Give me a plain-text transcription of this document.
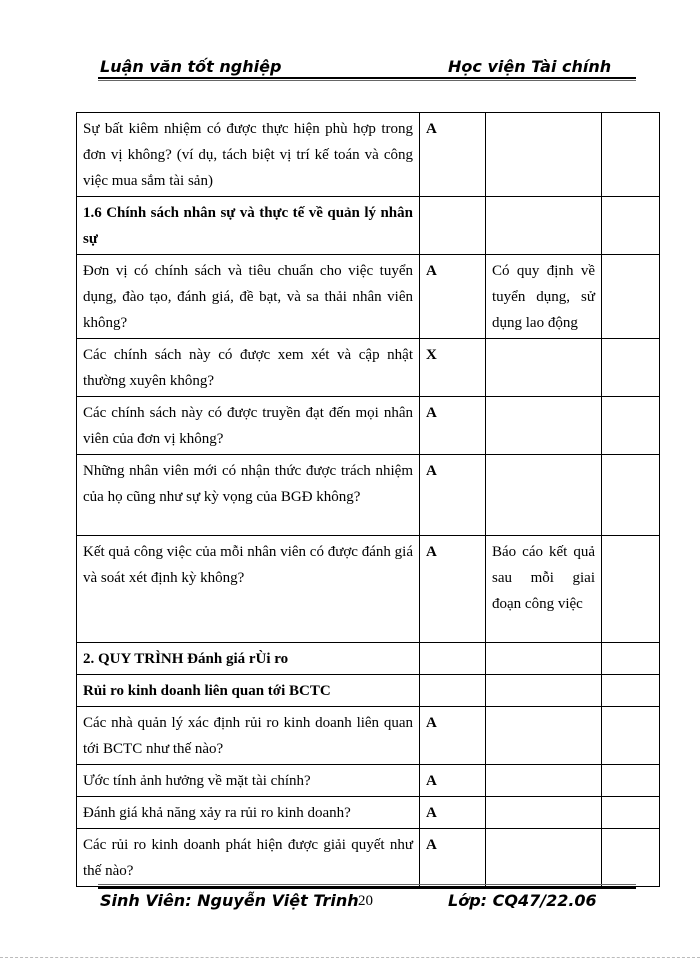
Luận văn tốt nghiệp	Học viện Tài chính
Sự bất kiêm nhiệm có được thực hiện phù hợp trong đơn vị không? (ví dụ, tách biệt vị trí kế toán và công việc mua sắm tài sản)	A		
1.6 Chính sách nhân sự và thực tế về quản lý nhân sự			
Đơn vị có chính sách và tiêu chuẩn cho việc tuyển dụng, đào tạo, đánh giá, đề bạt, và sa thải nhân viên không?	A	Có quy định về tuyển dụng, sử dụng lao động	
Các chính sách này có được xem xét và cập nhật thường xuyên không?	X		
Các chính sách này có được truyền đạt đến mọi nhân viên của đơn vị không?	A		
Những nhân viên mới có nhận thức được trách nhiệm của họ cũng như sự kỳ vọng của BGĐ không?	A		
Kết quả công việc của mỗi nhân viên có được đánh giá và soát xét định kỳ không?	A	Báo cáo kết quả sau mỗi giai đoạn công việc	
2. QUY TRÌNH Đánh giá rÙi ro			
Rủi ro kinh doanh liên quan tới BCTC			
Các nhà quản lý xác định rủi ro kinh doanh liên quan tới BCTC như thế nào?	A		
Ước tính ảnh hưởng về mặt tài chính?	A		
Đánh giá khả năng xảy ra rủi ro kinh doanh?	A		
Các rủi ro kinh doanh phát hiện được giải quyết như thế nào?	A		
Sinh Viên: Nguyễn Việt Trinh 20	Lớp: CQ47/22.06
